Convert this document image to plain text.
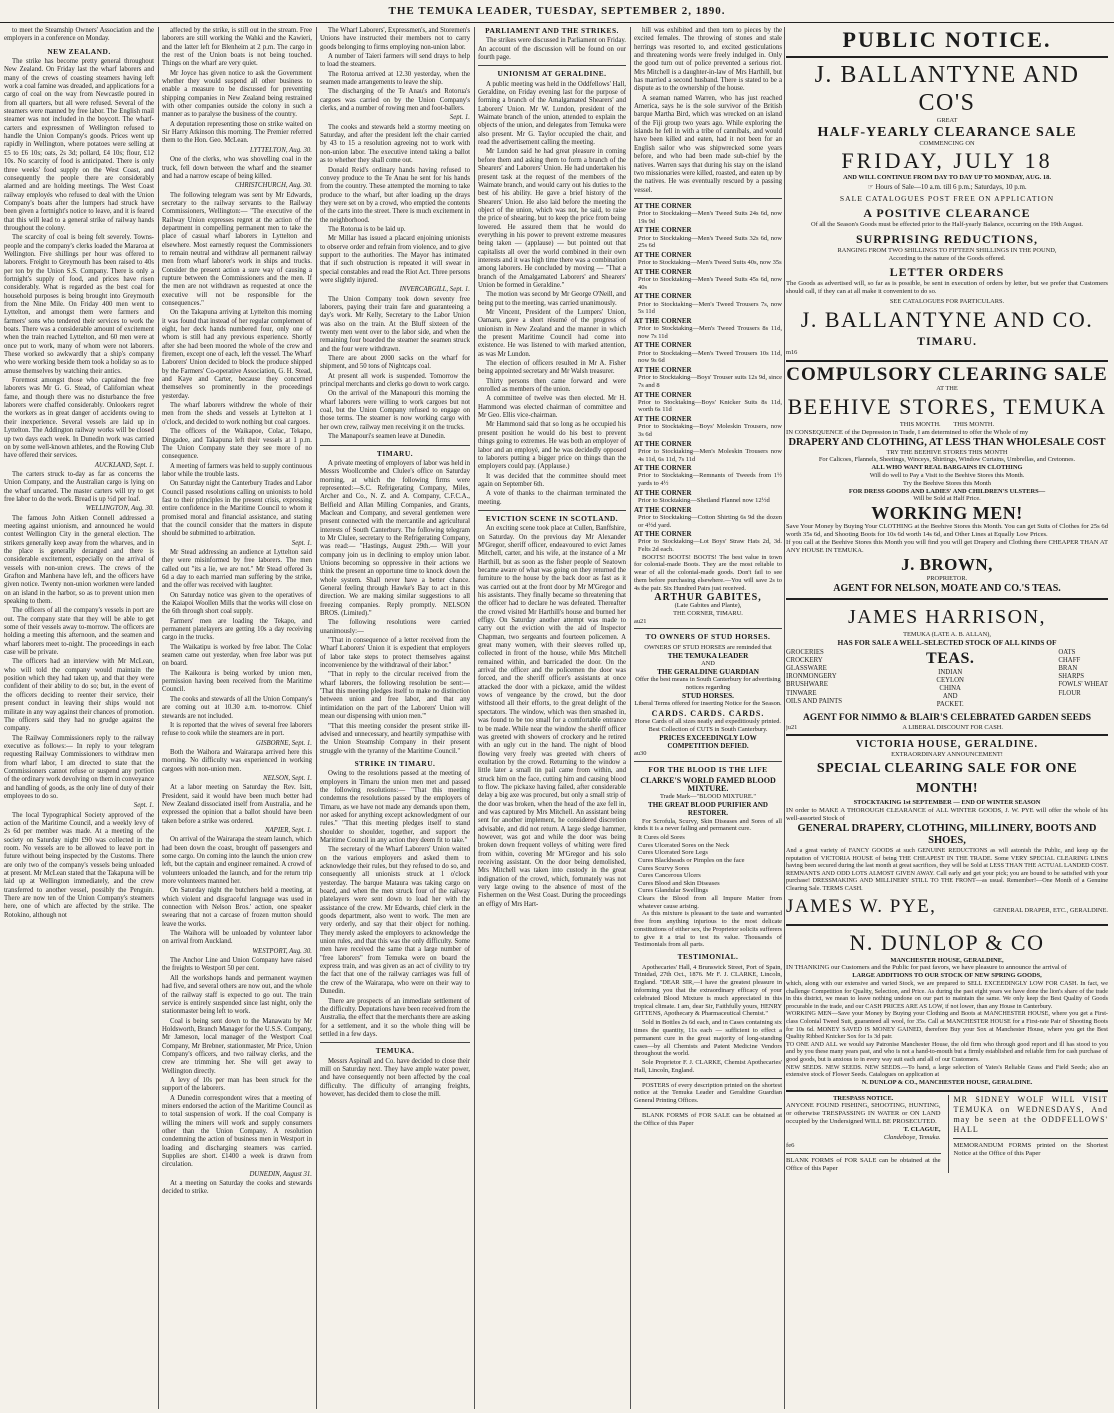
THE TEMUKA LEADER, TUESDAY, SEPTEMBER 2, 1890.

to meet the Steamship Owners' Association and the employers in a conference on Monday.

NEW ZEALAND.

The strike has become pretty general throughout New Zealand. On Friday last the wharf laborers and many of the crews of coasting steamers having left work a coal famine was dreaded, and applications for a cargo of coal on the way from Newcastle poured in from all quarters, but all were refused. Several of the steamers were manned by free labor. The English mail steamer was not included in the boycott. The wharf-carters and expressmen of Wellington refused to handle the Union Company's goods. Prices went up rapidly in Wellington, where potatoes were selling at £5 to £6 10s; oats, 2s 3d; pollard, £4 10s; flour, £12 10s. No scarcity of food is anticipated. There is only three weeks' food supply on the West Coast, and consequently the people there are considerably alarmed and are holding meetings. The West Coast railway employés who refused to deal with the Union Company's boats after the lumpers had struck have been given a fortnight's notice to leave, and it is feared that this will lead to a general strike of railway hands throughout the colony.

The scarcity of coal is being felt severely. Towns-people and the company's clerks loaded the Mararoa at Wellington. Five shillings per hour was offered to laborers. Freight to Greymouth has been raised to 40s per ton by the Union S.S. Company. There is only a fortnight's supply of food, and prices have risen considerably. What is regarded as the best coal for household purposes is being brought into Greymouth from the Nine Mile. On Friday 400 men went to Lyttelton, and amongst them were farmers and farmers' sons who tendered their services to work the boats. There was a considerable amount of excitement when the train reached Lyttelton, and 60 men were at once put to work, many of whom were not laborers. These worked so awkwardly that a ship's company who were working beside them took a holiday so as to amuse themselves by watching their antics.

Foremost amongst those who captained the free laborers was Mr G. G. Stead, of Californian wheat fame, and though there was no disturbance the free laborers were chaffed considerably. Onlookers regret the workers as in great danger of accidents owing to their inexperience. Several vessels are laid up in Lyttelton. The Addington railway works will be closed up two days each week. In Dunedin work was carried on by some well-known athletes, and the Rowing Club have offered their services.

AUCKLAND, Sept. 1.

The carters struck to-day as far as concerns the Union Company, and the Australian cargo is lying on the wharf uncarted. The master carters will try to get free labor to do the work. Bread is up ½d per loaf.

WELLINGTON, Aug. 30.

The famous John Aitken Connell addressed a meeting against unionism, and announced he would contest Wellington City in the general election. The strikers generally keep away from the wharves, and in the place is generally deranged and there is considerable excitement, especially on the arrival of vessels with non-union crews. The crews of the Grafton and Manhena have left, and the officers have given notice. Twenty non-union workmen were landed on an island in the harbor, so as to prevent union men speaking to them.

The officers of all the company's vessels in port are out. The company state that they will be able to get some of their vessels away to-morrow. The officers are holding a meeting this afternoon, and the seamen and wharf laborers meet to-night. The proceedings in each case will be private.

The officers had an interview with Mr McLean, who will told the company would maintain the position which they had taken up, and that they were confident of their ability to do so; but, in the event of the officers deciding to reenter their service, their present conduct in leaving their ships would not militate in any way against their chances of promotion. The officers said they had no grudge against the company.

The Railway Commissioners reply to the railway executive as follows:— In reply to your telegram requesting Railway Commissioners to withdraw men from wharf labor, I am directed to state that the Commissioners cannot refuse or suspend any portion of the ordinary work devolving on them in conveyance and handling of goods, as the only line of duty of their employees to do so.

Sept. 1.

The local Typographical Society approved of the action of the Maritime Council, and a weekly levy of 2s 6d per member was made. At a meeting of the society on Saturday night £90 was collected in the room. No vessels are to be allowed to leave port in future without being inspected by the Customs. There are only two of the company's vessels being unloaded at present. Mr McLean stated that the Takapuna will be laid up at Wellington immediately, and the crew transferred to another vessel, possibly the Penguin. There are now ten of the Union Company's steamers here, one of which are affected by the strike. The Rotokino, although not

affected by the strike, is still out in the stream. Free laborers are still working the Wahki and the Kawieri, and the latter left for Blenheim at 2 p.m. The cargo in the rest of the Union boats is not being touched. Things on the wharf are very quiet.

Mr Joyce has given notice to ask the Government whether they would suspend all other business to enable a measure to be discussed for preventing shipping companies in New Zealand being restrained with other companies outside the colony in such a manner as to paralyse the business of the country.

A deputation representing those on strike waited on Sir Harry Atkinson this morning. The Premier referred them to the Hon. Geo. McLean.

LYTTELTON, Aug. 30.

One of the clerks, who was shovelling coal in the truck, fell down between the wharf and the steamer and had a narrow escape of being killed.

CHRISTCHURCH, Aug. 30.

The following telegram was sent by Mr Edwards, secretary to the railway servants to the Railway Commissioners, Wellington:— "The executive of the Railway Union expresses regret at the action of the department in compelling permanent men to take the place of casual wharf laborers in Lyttelton and elsewhere. Most earnestly request the Commissioners to remain neutral and withdraw all permanent railway men from wharf laborer's work in ships and trucks. Consider the present action a sure way of causing a rupture between the Commissioners and the men. If the men are not withdrawn as requested at once the executive will not be responsible for the consequences."

On the Takapuna arriving at Lyttelton this morning it was found that instead of her regular complement of eight, her deck hands numbered four, only one of whom is still had any previous experience. Shortly after she had been moored the whole of the crew and firemen, except one of each, left the vessel. The Wharf Laborers' Union decided to block the produce shipped by the Farmers' Co-operative Association, G. H. Stead, and Kaye and Carter, because they concerned themselves so prominently in the proceedings yesterday.

The wharf laborers withdrew the whole of their men from the sheds and vessels at Lyttelton at 1 o'clock, and decided to work nothing but coal cargoes.

The officers of the Waikapoe, Colac, Tekapo, Dingadee, and Takapuna left their vessels at 1 p.m. The Union Company state they see more of no consequence.

A meeting of farmers was held to supply continuous labor while the trouble lasts.

On Saturday night the Canterbury Trades and Labor Council passed resolutions calling on unionists to hold fast to their principles in the present crisis, expressing entire confidence in the Maritime Council to whom it promised moral and financial assistance, and stating that the council consider that the matters in dispute should be submitted to arbitration.

Sept. 1.

Mr Stead addressing an audience at Lyttelton said they were misinformed by free laborers. The men called out "its a lie, we are not." Mr Stead offered 3s 6d a day to each married man suffering by the strike, and the offer was received with laughter.

On Saturday notice was given to the operatives of the Kaiapoi Woollen Mills that the works will close on the 6th through short coal supply.

Farmers' men are loading the Tekapo, and permanent platelayers are getting 10s a day receiving cargo in the trucks.

The Waikatipu is worked by free labor. The Colac seamen came out yesterday, when free labor was put on board.

The Kaikoura is being worked by union men, permission having been received from the Maritime Council.

The cooks and stewards of all the Union Company's are coming out at 10.30 a.m. to-morrow. Chief stewards are not included.

It is reported that the wives of several free laborers refuse to cook while the steamers are in port.

GISBORNE, Sept. 1.

Both the Waihora and Wairarapa arrived here this morning. No difficulty was experienced in working cargoes with non-union men.

NELSON, Sept. 1.

At a labor meeting on Saturday the Rev. Isitt, President, said it would have been much better had New Zealand dissociated itself from Australia, and he expressed the opinion that a ballot should have been taken before a strike was ordered.

NAPIER, Sept. 1.

On arrival of the Wairarapa the steam launch, which had been down the coast, brought off passengers and some cargo. On coming into the launch the union crew left, but the captain and engineer remained. A crowd of volunteers unloaded the launch, and for the return trip more volunteers manned her.

On Saturday night the butchers held a meeting, at which violent and disgraceful language was used in connection with Nelson Bros.' action, one speaker swearing that not a carcase of frozen mutton should leave the works.

The Waihora will be unloaded by volunteer labor on arrival from Auckland.

WESTPORT, Aug. 30.

The Anchor Line and Union Company have raised the freights to Westport 50 per cent.

All the workshops hands and permanent waymen had five, and several others are now out, and the whole of the railway staff is expected to go out. The train service is entirely suspended since last night, only the stationmaster being left to work.

Coal is being sent down to the Manawatu by Mr Holdsworth, Branch Manager for the U.S.S. Company, Mr Jameson, local manager of the Westport Coal Company, Mr Brebner, stationmaster, Mr Price, Union Company's officers, and two railway clerks, and the crew are trimming her. She will get away to Wellington directly.

A levy of 10s per man has been struck for the support of the laborers.

A Dunedin correspondent wires that a meeting of miners endorsed the action of the Maritime Council as to total suspension of work. If the coal Company is willing the miners will work and supply consumers other than the Union Company. A resolution condemning the action of business men in Westport in loading and discharging steamers was carried. Supplies are short. £1400 a week is drawn from circulation.

DUNEDIN, August 31.

At a meeting on Saturday the cooks and stewards decided to strike.

The Wharf Laborers', Expressmen's, and Storemen's Unions have instructed their members not to carry goods belonging to firms employing non-union labor.

A number of Taieri farmers will send drays to help to load the steamers.

The Rotorua arrived at 12.30 yesterday, when the seamen made arrangements to leave the ship.

The discharging of the Te Anau's and Rotorua's cargoes was carried on by the Union Company's clerks, and a number of rowing men and foot-ballers.

Sept. 1.

The cooks and stewards held a stormy meeting on Saturday, and after the president left the chair carried by 43 to 15 a resolution agreeing not to work with non-union labor. The executive intend taking a ballot as to whether they shall come out.

Donald Reid's ordinary hands having refused to convey produce to the Te Anau he sent for his hands from the country. These attempted the morning to take produce to the wharf, but after loading up the drays they were set on by a crowd, who emptied the contents of the carts into the street. There is much excitement in the neighborhood.

The Rotorua is to be laid up.

Mr Millar has issued a placard enjoining unionists to observe order and refrain from violence, and to give support to the authorities. The Mayor has intimated that if such obstruction is repeated it will swear in special constables and read the Riot Act. Three persons were slightly injured.

INVERCARGILL, Sept. 1.

The Union Company took down seventy free laborers, paying their train fare and guaranteeing a day's work. Mr Kelly, Secretary to the Labor Union was also on the train. At the Bluff sixteen of the twenty men went over to the labor side, and when the remaining four boarded the steamer the seamen struck and the four were withdrawn.

There are about 2000 sacks on the wharf for shipment, and 50 tons of Nightcaps coal.

At present all work is suspended. Tomorrow the principal merchants and clerks go down to work cargo.

On the arrival of the Manapouri this morning the wharf laborers were willing to work cargoes but not coal, but the Union Company refused to engage on those terms. The steamer is now working cargo with her own crew, railway men receiving it on the trucks.

The Manapouri's seamen leave at Dunedin.

TIMARU.

A private meeting of employers of labor was held in Messrs Woollcombe and Clulee's office on Saturday morning, at which the following firms were represented:—S.C. Refrigerating Company, Miles, Archer and Co., N. Z. and A. Company, C.F.C.A., Belfield and Allan Milling Companies, and Grants, Maclean and Company, and several gentlemen were present connected with the mercantile and agricultural interests of South Canterbury. The following telegram to Mr Clulee, secretary to the Refrigerating Company, was read:— "Hastings, August 29th.— Will your company join us in declining to employ union labor. Unions becoming so oppressive in their actions we think the present an opportune time to knock down the whole system. Shall never have a better chance. General feeling through Hawke's Bay to act in this direction. We are making similar suggestions to all freezing companies. Reply promptly. NELSON BROS. (Limited)."

The following resolutions were carried unanimously:—

"That in consequence of a letter received from the Wharf Laborers' Union it is expedient that employers of labor take steps to protect themselves against inconvenience by the withdrawal of their labor."

"That in reply to the circular received from the wharf laborers, the following resolution be sent:— 'That this meeting pledges itself to make no distinction between union and free labor, and that any intimidation on the part of the Laborers' Union will mean our dispensing with union men.'"

"That this meeting consider the present strike ill-advised and unnecessary, and heartily sympathise with the Union Steamship Company in their present struggle with the tyranny of the Maritime Council."

STRIKE IN TIMARU.

Owing to the resolutions passed at the meeting of employers in Timaru the union men met and passed the following resolutions:— "That this meeting condemns the resolutions passed by the employers of Timaru, as we have not made any demands upon them, nor asked for anything except acknowledgment of our rules." "That this meeting pledges itself to stand shoulder to shoulder, together, and support the Maritime Council in any action they deem fit to take."

The secretary of the Wharf Laborers' Union waited on the various employers and asked them to acknowledge their rules, but they refused to do so, and consequently all unionists struck at 1 o'clock yesterday. The barque Mataura was taking cargo on board, and when the men struck four of the railway platelayers were sent down to load her with the assistance of the crew. Mr Edwards, chief clerk in the goods department, also went to work. The men are very orderly, and say that their object for nothing. They merely asked the employers to acknowledge the union rules, and that this was the only difficulty. Some men have received the same that a large number of "free laborers" from Temuka were on board the express train, and was given as an act of civility to try the fact that one of the railway carriages was full of the crew of the Wairarapa, who were on their way to Dunedin.

There are prospects of an immediate settlement of the difficulty. Deputations have been received from the Australia, the effect that the merchants there are asking for a settlement, and it so the whole thing will be settled in a few days.

TEMUKA.

Messrs Aspinall and Co. have decided to close their mill on Saturday next. They have ample water power, and have consequently not been affected by the coal difficulty. The difficulty of arranging freights, however, has decided them to close the mill.

PARLIAMENT AND THE STRIKES.

The strikes were discussed in Parliament on Friday. An account of the discussion will be found on our fourth page.

UNIONISM AT GERALDINE.

A public meeting was held in the Oddfellows' Hall, Geraldine, on Friday evening last for the purpose of forming a branch of the Amalgamated Shearers' and Laborers' Union. Mr W. Lundon, president of the Waimate branch of the union, attended to explain the objects of the union, and delegates from Temuka were also present. Mr G. Taylor occupied the chair, and read the advertisement calling the meeting.

Mr Lundon said he had great pleasure in coming before them and asking them to form a branch of the Shearers' and Laborers' Union. He had undertaken his present task at the request of the members of the Waimate branch, and would carry out his duties to the best of his ability. He gave a brief history of the Shearers' Union. He also laid before the meeting the object of the union, which was not, he said, to raise the price of shearing, but to keep the price from being lowered. He assured them that he would do everything in his power to prevent extreme measures being taken — (applause) — but pointed out that capitalists all over the world combined in their own interests and it was high time there was a combination among laborers. He concluded by moving — "That a branch of the Amalgamated Laborers' and Shearers' Union be formed in Geraldine."

The motion was second by Mr George O'Neill, and being put to the meeting, was carried unanimously.

Mr Vincent, President of the Lumpers' Union, Oamaru, gave a short résumé of the progress of unionism in New Zealand and the manner in which the present Maritime Council had come into existence. He was listened to with marked attention, as was Mr Lundon.

The election of officers resulted in Mr A. Fisher being appointed secretary and Mr Walsh treasurer.

Thirty persons then came forward and were enrolled as members of the union.

A committee of twelve was then elected. Mr H. Hammond was elected chairman of committee and Mr Geo. Ellis vice-chairman.

Mr Hammond said that so long as he occupied his present position he would do his best to prevent things going to extremes. He was both an employer of labor and an employé, and he was decidedly opposed to laborers putting a bigger price on things than the employers could pay. (Applause.)

It was decided that the committee should meet again on September 6th.

A vote of thanks to the chairman terminated the meeting.

EVICTION SCENE IN SCOTLAND.

An exciting scene took place at Cullen, Banffshire, on Saturday. On the previous day Mr Alexander M'Gregor, sheriff officer, endeavoured to evict James Mitchell, carter, and his wife, at the instance of a Mr Harthill, but as soon as the fisher people of Seatown became aware of what was going on they returned the furniture to the house by the back door as fast as it was carried out at the front door by Mr M'Gregor and his assistants. They finally became so threatening that the officer had to declare he was defeated. Thereafter the crowd visited Mr Harthill's house and burned her effigy. On Saturday another attempt was made to carry out the eviction with the aid of Inspector Chapman, two sergeants and fourteen policemen. A great many women, with their sleeves rolled up, collected in front of the house, while Mrs Mitchell remained within, and barricaded the door. On the arrival the officer and the policemen the door was forced, and the sheriff officer's assistants at once attacked the door with a pickaxe, amid the wildest vows of vengeance by the crowd, but the door withstood all their efforts, to the great delight of the spectators. The window, which was then smashed in, was found to be too small for a comfortable entrance to be made. While near the window the sheriff officer was greeted with showers of crockery and he retired with an ugly cut in the hand. The night of blood flowing very freely was greeted with cheers of exultation by the crowd. Returning to the window a little later a small tin pail came from within, and struck him on the face, cutting him and causing blood to flow. The pickaxe having failed, after considerable delay a big axe was procured, but only a small strip of the door was broken, when the head of the axe fell in, and was captured by Mrs Mitchell. An assistant being sent for another implement, he considered discretion advisable, and did not return. A large sledge hammer, however, was got and while the door was being broken down frequent volleys of whiting were fired from within, covering Mr M'Gregor and his solo receiving assistant. On the door being demolished, Mrs Mitchell was taken into custody in the great indignation of the crowd, which, fortunately was not very large owing to the absence of most of the Fishermen on the West Coast. During the proceedings an effigy of Mrs Hart-

hill was exhibited and then torn to pieces by the excited females. The throwing of stones and stale herrings was resorted to, and excited gesticulations and threatening words were freely indulged in. Only the good turn out of police prevented a serious riot. Mrs Mitchell is a daughter-in-law of Mrs Harthill, but has married a second husband. There is stated to be a dispute as to the ownership of the house.

A seaman named Warren, who has just reached America, says he is the sole survivor of the British barque Martha Bird, which was wrecked on an island of the Fiji group two years ago. While exploring the islands he fell in with a tribe of cannibals, and would have been killed and eaten, had it not been for an English sailor who was shipwrecked some years before, and who had been made sub-chief by the natives. Warren says that during his stay on the island two missionaries were killed, roasted, and eaten up by the natives. He was eventually rescued by a passing vessel.

AT THE CORNER
Prior to Stocktaking—Men's Tweed Suits 24s 6d, now 19s 9d
AT THE CORNER
Prior to Stocktaking—Men's Tweed Suits 32s 6d, now 25s 6d
AT THE CORNER
Prior to Stocktaking—Men's Tweed Suits 40s, now 35s
AT THE CORNER
Prior to Stocktaking—Men's Tweed Suits 45s 6d, now 40s
AT THE CORNER
Prior to Stocktaking—Men's Tweed Trousers 7s, now 5s 11d
AT THE CORNER
Prior to Stocktaking—Men's Tweed Trousers 8s 11d, now 7s 11d
AT THE CORNER
Prior to Stocktaking—Men's Tweed Trousers 10s 11d, now 9s 6d
AT THE CORNER
Prior to Stocktaking—Boys' Trouser suits 12s 9d, since 7s and 8
AT THE CORNER
Prior to Stocktaking—Boys' Knicker Suits 8s 11d, worth 6s 11d
AT THE CORNER
Prior to Stocktaking—Boys' Moleskin Trousers, now 3s 6d
AT THE CORNER
Prior to Stocktaking—Men's Moleskin Trousers now 4s 11d, 6s 11d, 7s 11d
AT THE CORNER
Prior to Stocktaking—Remnants of Tweeds from 1½ yards to 4½
AT THE CORNER
Prior to Stocktaking—Shetland Flannel now 12½d
AT THE CORNER
Prior to Stocktaking—Cotton Shirting 6s 9d the dozen or 4½d yard.
AT THE CORNER
Prior to Stocktaking—Lot Boys' Straw Hats 2d, 3d. Felts 2d each.

BOOTS! BOOTS! BOOTS! The best value in town for colonial-made Boots. They are the most reliable to wear of all the colonial-made goods. Don't fail to see them before purchasing elsewhere.—You will save 2s to 4s the pair. Six Hundred Pairs just received.

ARTHUR GABITES,
(Late Gabites and Plante),
THE CORNER, TIMARU.
au21
TO OWNERS OF STUD HORSES.
OWNERS OF STUD HORSES are reminded that
THE TEMUKA LEADER
AND
THE GERALDINE GUARDIAN
Offer the best means in South Canterbury for advertising notices regarding
STUD HORSES.
Liberal Terms offered for inserting Notice for the Season.
CARDS. CARDS. CARDS.
Horse Cards of all sizes neatly and expeditiously printed.
Best Collection of CUTS in South Canterbury.
PRICES EXCEEDINGLY LOW COMPETITION DEFIED.
au30
FOR THE BLOOD IS THE LIFE
CLARKE'S WORLD FAMED BLOOD MIXTURE.
Trade Mark—"BLOOD MIXTURE."
THE GREAT BLOOD PURIFIER AND RESTORER.

For Scrofula, Scurvy, Skin Diseases and Sores of all kinds it is a never failing and permanent cure.

It Cures old Sores
Cures Ulcerated Sores on the Neck
Cures Ulcerated Sore Legs
Cures Blackheads or Pimples on the face
Cures Scurvy Sores
Cures Cancerous Ulcers
Cures Blood and Skin Diseases
Cures Glandular Swellings
Clears the Blood from all Impure Matter from whatever cause arising.

As this mixture is pleasant to the taste and warranted free from anything injurious to the most delicate constitutions of either sex, the Proprietor solicits sufferers to give it a trial to test its value. Thousands of Testimonials from all parts.

TESTIMONIAL.

Apothecaries' Hall, 4 Brunswick Street, Port of Spain, Trinidad, 27th Oct., 1876. Mr F. J. CLARKE, Lincoln, England. "DEAR SIR,—I have the greatest pleasure in informing you that the extraordinary efficacy of your celebrated Blood Mixture is much appreciated in this tropical climate. I am, dear Sir, Faithfully yours, HENRY GITTENS, Apothecary & Pharmaceutical Chemist."

Sold in Bottles 2s 6d each, and in Cases containing six times the quantity, 11s each — sufficient to effect a permanent cure in the great majority of long-standing cases—by all Chemists and Patent Medicine Vendors throughout the world.

Sole Proprietor F. J. CLARKE, Chemist Apothecaries' Hall, Lincoln, England.

POSTERS of every description printed on the shortest notice at the Temuka Leader and Geraldine Guardian General Printing Offices.

BLANK FORMS of FOR SALE can be obtained at the Office of this Paper

PUBLIC NOTICE.
J. BALLANTYNE AND CO'S
GREAT
HALF-YEARLY CLEARANCE SALE
COMMENCING ON
FRIDAY, JULY 18
AND WILL CONTINUE FROM DAY TO DAY UP TO MONDAY, AUG. 18.
☞ Hours of Sale—10 a.m. till 6 p.m.; Saturdays, 10 p.m.
SALE CATALOGUES POST FREE ON APPLICATION
A POSITIVE CLEARANCE
Of all the Season's Goods must be effected prior to the Half-yearly Balance, occurring on the 19th August.
SURPRISING REDUCTIONS,
RANGING FROM TWO SHILLINGS TO FIFTEEN SHILLINGS IN THE POUND,
According to the nature of the Goods offered.
LETTER ORDERS
The Goods as advertised will, so far as is possible, be sent in execution of orders by letter, but we prefer that Customers should call, if they can at all make it convenient to do so.
SEE CATALOGUES FOR PARTICULARS.
J. BALLANTYNE AND CO.
TIMARU.
m16
COMPULSORY CLEARING SALE
AT THE
BEEHIVE STORES, TEMUKA
THIS MONTH.        THIS MONTH.
IN CONSEQUENCE of the Depression in Trade, I am determined to offer the Whole of my
DRAPERY AND CLOTHING, AT LESS THAN WHOLESALE COST
TRY THE BEEHIVE STORES THIS MONTH
For Calicoes, Flannels, Sheetings, Winceys, Shirtings, Window Curtains, Umbrellas, and Cretonnes.
ALL WHO WANT REAL BARGAINS IN CLOTHING
Will do well to Pay a Visit to the Beehive Stores this Month.
Try the Beehive Stores this Month
FOR DRESS GOODS AND LADIES' AND CHILDREN'S ULSTERS—
Will be Sold at Half Price.
WORKING MEN!
Save Your Money by Buying Your CLOTHING at the Beehive Stores this Month. You can get Suits of Clothes for 25s 6d worth 35s 6d, and Shooting Boots for 10s 6d worth 14s 6d, and Other Lines at Equally Low Prices.
If you call at the Beehive Stores this Month you will find you will get Drapery and Clothing there CHEAPER THAN AT ANY HOUSE IN TEMUKA.
J. BROWN,
PROPRIETOR.
AGENT FOR NELSON, MOATE AND CO.'S TEAS.
JAMES HARRISON,
TEMUKA (LATE A. B. ALLAN),
HAS FOR SALE A WELL-SELECTED STOCK OF ALL KINDS OF
GROCERIES
CROCKERY
GLASSWARE
IRONMONGERY
BRUSHWARE
TINWARE
OILS AND PAINTS
TEAS.
INDIAN
CEYLON
CHINA
AND
PACKET.
OATS
CHAFF
BRAN
SHARPS
FOWLS' WHEAT
FLOUR
AGENT FOR NIMMO & BLAIR'S CELEBRATED GARDEN SEEDS
ju21	A LIBERAL DISCOUNT FOR CASH.
VICTORIA HOUSE, GERALDINE.
EXTRAORDINARY ANNOUNCEMENT!
SPECIAL CLEARING SALE FOR ONE MONTH!
STOCKTAKING 1st SEPTEMBER — END OF WINTER SEASON
IN order to MAKE A THOROUGH CLEARANCE of ALL WINTER GOODS, J. W. PYE will offer the whole of his well-assorted Stock of
GENERAL DRAPERY, CLOTHING, MILLINERY, BOOTS AND SHOES,
And a great variety of FANCY GOODS at such GENUINE REDUCTIONS as will astonish the Public, and keep up the reputation of VICTORIA HOUSE of being THE CHEAPEST IN THE TRADE. Some VERY SPECIAL CLEARING LINES having been secured during the last month at great sacrifices, they will be Sold at LESS THAN THE ACTUAL LANDED COST. REMNANTS AND ODD LOTS ALMOST GIVEN AWAY. Call early and get your pick; you are bound to be satisfied with your purchase! DRESSMAKING AND MILLINERY STILL TO THE FRONT—as usual. Remember!—One Month of a Genuine Clearing Sale. TERMS CASH.
JAMES W. PYE,	GENERAL DRAPER, ETC., GERALDINE.
N. DUNLOP & CO
MANCHESTER HOUSE, GERALDINE,
IN THANKING our Customers and the Public for past favors, we have pleasure to announce the arrival of
LARGE ADDITIONS TO OUR STOCK OF NEW SPRING GOODS,
which, along with our extensive and varied Stock, we are prepared to SELL EXCEEDINGLY LOW FOR CASH. In fact, we challenge Competition for Quality, Selection, and Price. As during the past eight years we have done the lion's share of the trade in this district, we mean to leave nothing undone on our part to maintain the same. We only keep the Best Quality of Goods procurable in the trade, and our CASH PRICES ARE AS LOW, if not lower, than any House in Canterbury.
WORKING MEN—Save your Money by Buying your Clothing and Boots at MANCHESTER HOUSE, where you get a First-class Colonial Tweed Suit, guaranteed all wool, for 35s. Call at MANCHESTER HOUSE for a First-rate Pair of Shooting Boots for 10s 6d. MONEY SAVED IS MONEY GAINED, therefore Buy your Sox at Manchester House, where you get the Best Quality Ribbed Knicker Sox for 1s 3d pair.
TO ONE AND ALL we would say Patronise Manchester House, the old firm who through good report and ill has stood to you and by you these many years past, and who is not a hand-to-mouth but a firmly established and reliable firm for cash purchase of good goods, but is anxious to in every way suit each and all of our Customers.
NEW SEEDS. NEW SEEDS. NEW SEEDS.—To hand, a large selection of Yates's Reliable Grass and Field Seeds; also an extensive stock of Flower Seeds. Catalogues on application at
N. DUNLOP & CO., MANCHESTER HOUSE, GERALDINE.
TRESPASS NOTICE.
ANYONE FOUND FISHING, SHOOTING, HUNTING, or otherwise TRESPASSING IN WATER or ON LAND occupied by the Undersigned WILL BE PROSECUTED.
T. CLAGUE,
Clandeboye, Temuka.
fe6
BLANK FORMS of FOR SALE can be obtained at the Office of this Paper
MR SIDNEY WOLF WILL VISIT TEMUKA on WEDNESDAYS, And may be seen at the ODDFELLOWS' HALL
MEMORANDUM FORMS printed on the Shortest Notice at the Office of this Paper
